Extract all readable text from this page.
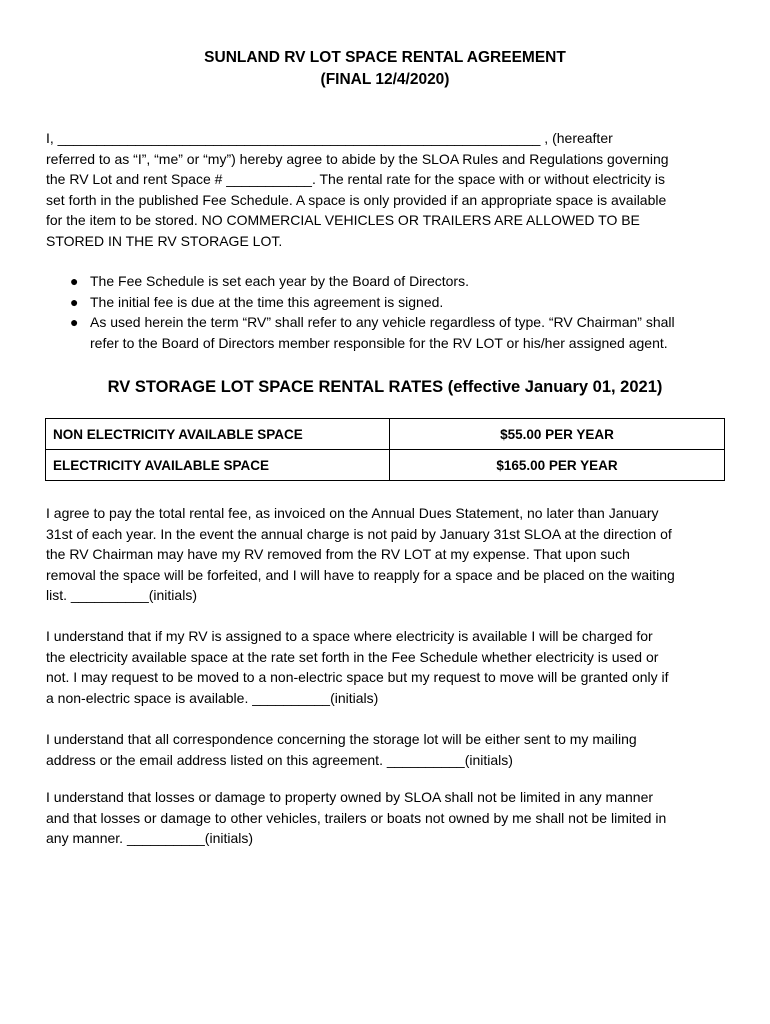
SUNLAND RV LOT SPACE RENTAL AGREEMENT
(FINAL 12/4/2020)
I, ______________________________________________________________ , (hereafter
referred to as “I”, “me” or “my”) hereby agree to abide by the SLOA Rules and Regulations governing
the RV Lot and rent Space # ___________. The rental rate for the space with or without electricity is
set forth in the published Fee Schedule. A space is only provided if an appropriate space is available
for the item to be stored. NO COMMERCIAL VEHICLES OR TRAILERS ARE ALLOWED TO BE
STORED IN THE RV STORAGE LOT.
● The Fee Schedule is set each year by the Board of Directors.
● The initial fee is due at the time this agreement is signed.
● As used herein the term “RV” shall refer to any vehicle regardless of type. “RV Chairman” shall
refer to the Board of Directors member responsible for the RV LOT or his/her assigned agent.
RV STORAGE LOT SPACE RENTAL RATES (effective January 01, 2021)
NON ELECTRICITY AVAILABLE SPACE	$55.00 PER YEAR
ELECTRICITY AVAILABLE SPACE	$165.00 PER YEAR
I agree to pay the total rental fee, as invoiced on the Annual Dues Statement, no later than January
31st of each year. In the event the annual charge is not paid by January 31st SLOA at the direction of
the RV Chairman may have my RV removed from the RV LOT at my expense. That upon such
removal the space will be forfeited, and I will have to reapply for a space and be placed on the waiting
list. __________(initials)
I understand that if my RV is assigned to a space where electricity is available I will be charged for
the electricity available space at the rate set forth in the Fee Schedule whether electricity is used or
not. I may request to be moved to a non-electric space but my request to move will be granted only if
a non-electric space is available. __________(initials)
I understand that all correspondence concerning the storage lot will be either sent to my mailing
address or the email address listed on this agreement. __________(initials)
I understand that losses or damage to property owned by SLOA shall not be limited in any manner
and that losses or damage to other vehicles, trailers or boats not owned by me shall not be limited in
any manner. __________(initials)
